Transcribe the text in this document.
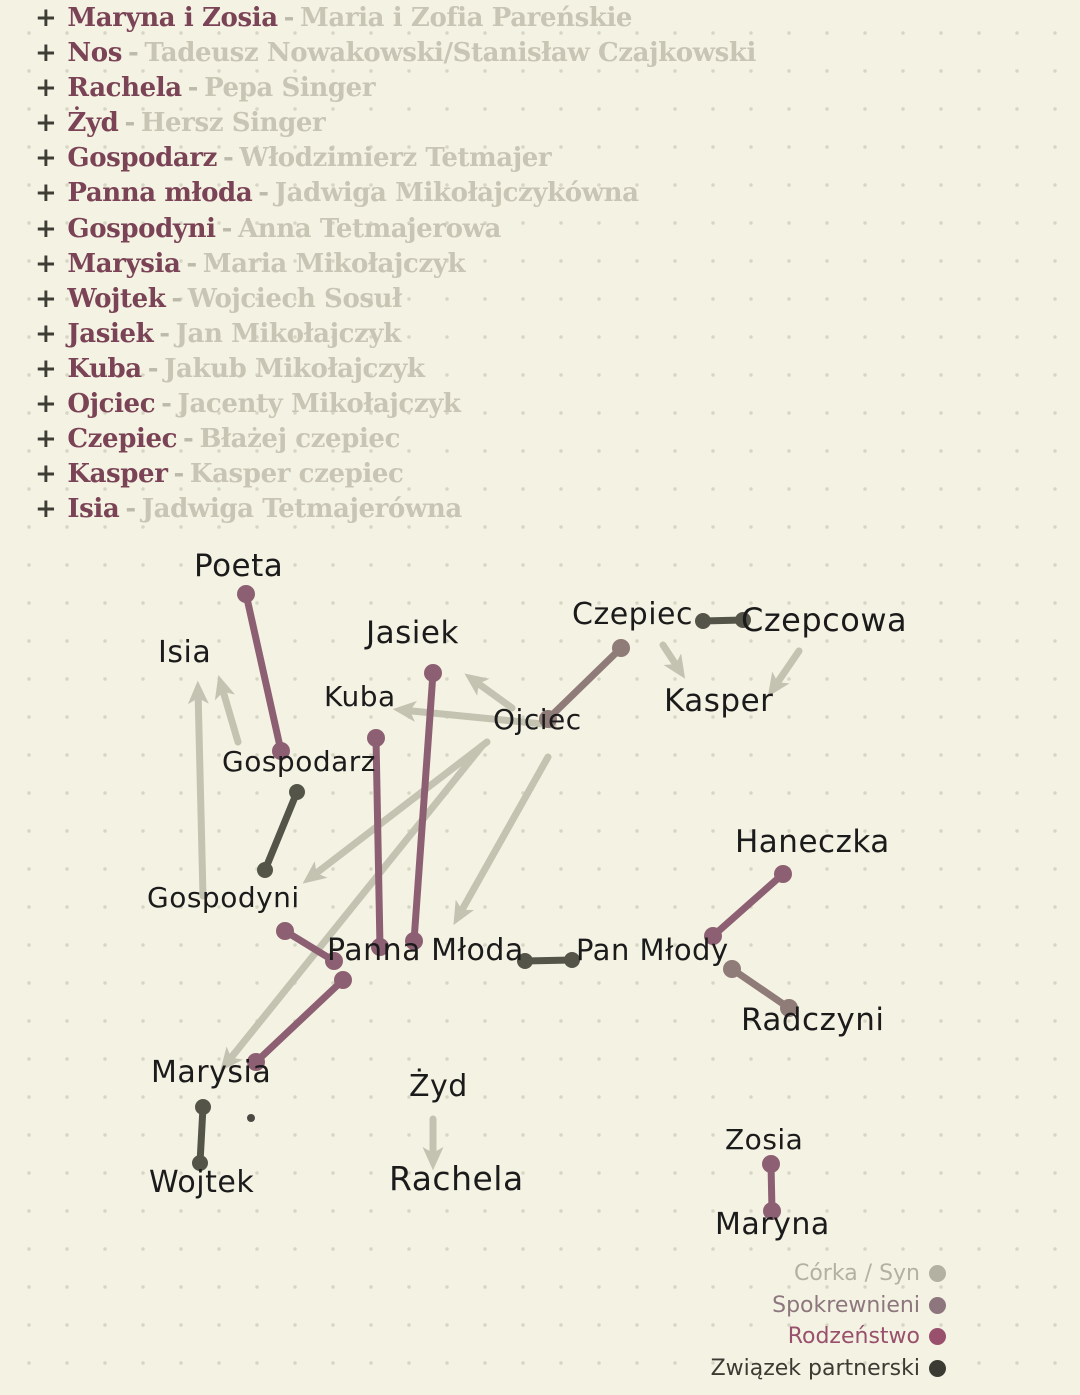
+ Maryna i Zosia - Maria i Zofia Pareńskie
+ Nos - Tadeusz Nowakowski/Stanisław Czajkowski
+ Rachela - Pepa Singer
+ Żyd - Hersz Singer
+ Gospodarz - Włodzimierz Tetmajer
+ Panna młoda - Jadwiga Mikołajczykówna
+ Gospodyni - Anna Tetmajerowa
+ Marysia - Maria Mikołajczyk
+ Wojtek - Wojciech Sosuł
+ Jasiek - Jan Mikołajczyk
+ Kuba - Jakub Mikołajczyk
+ Ojciec - Jacenty Mikołajczyk
+ Czepiec - Błażej czepiec
+ Kasper - Kasper czepiec
+ Isia - Jadwiga Tetmajerówna
Poeta
Isia
Jasiek
Kuba
Czepiec Czepcowa
Kasper
Ojciec
Gospodarz
Gospodyni
Haneczka
Panna Młoda Pan Młody
Radczyni
Marysia	Żyd
Wojtek	Rachela
Zosia
Maryna
Córka / Syn
Spokrewnieni
Rodzeństwo
Związek partnerski
